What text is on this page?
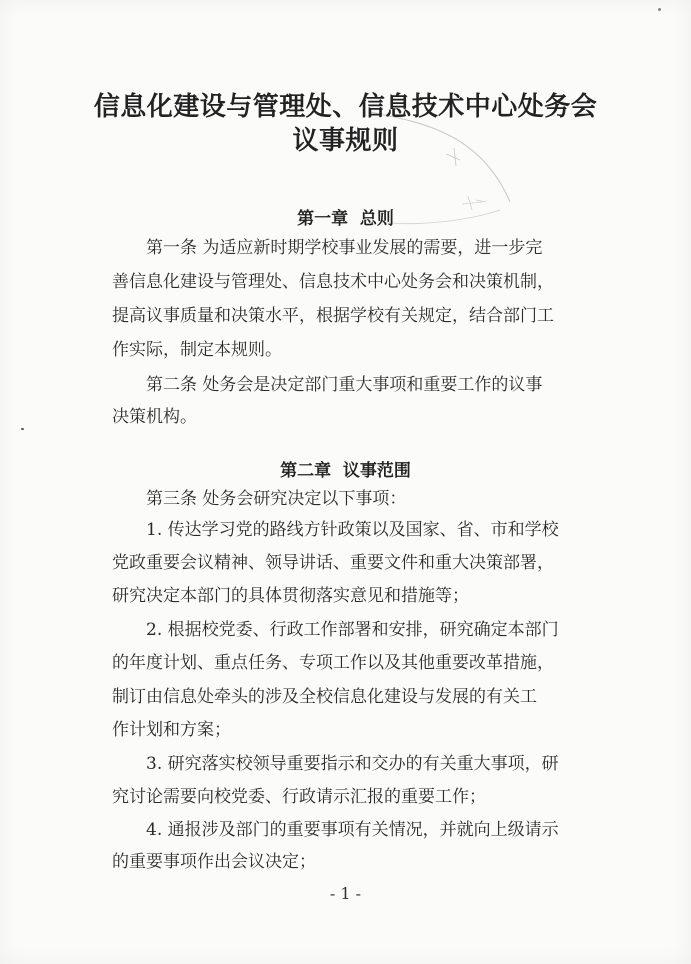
信息化建设与管理处、信息技术中心处务会
议事规则
第一章  总则

第一条 为适应新时期学校事业发展的需要，进一步完

善信息化建设与管理处、信息技术中心处务会和决策机制，

提高议事质量和决策水平，根据学校有关规定，结合部门工

作实际，制定本规则。

第二条 处务会是决定部门重大事项和重要工作的议事

决策机构。

第二章  议事范围

第三条 处务会研究决定以下事项：

1. 传达学习党的路线方针政策以及国家、省、市和学校

党政重要会议精神、领导讲话、重要文件和重大决策部署，

研究决定本部门的具体贯彻落实意见和措施等；

2. 根据校党委、行政工作部署和安排，研究确定本部门

的年度计划、重点任务、专项工作以及其他重要改革措施，

制订由信息处牵头的涉及全校信息化建设与发展的有关工

作计划和方案；

3. 研究落实校领导重要指示和交办的有关重大事项，研

究讨论需要向校党委、行政请示汇报的重要工作；

4. 通报涉及部门的重要事项有关情况，并就向上级请示

的重要事项作出会议决定；

- 1 -
